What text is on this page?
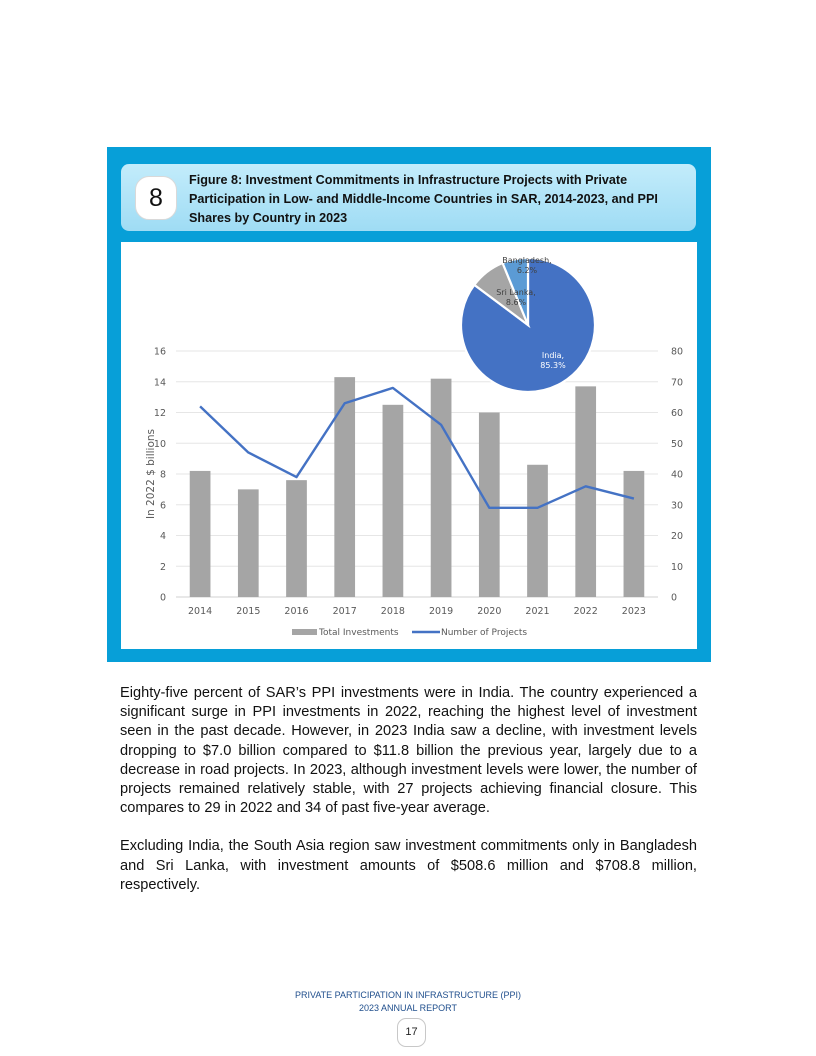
8
Figure 8: Investment Commitments in Infrastructure Projects with Private Participation in Low- and Middle-Income Countries in SAR, 2014-2023, and PPI Shares by Country in 2023
0
2
4
6
8
10
12
14
16
0
10
20
30
40
50
60
70
80
In 2022 $ billions
2014	2015	2016	2017	2018	2019	2020	2021	2022	2023
Total Investments	Number of Projects
India,
85.3%
Sri Lanka,
8.6%
Bangladesh,
6.2%

Eighty-five percent of SAR’s PPI investments were in India. The country experienced a significant surge in PPI investments in 2022, reaching the highest level of investment seen in the past decade. However, in 2023 India saw a decline, with investment levels dropping to $7.0 billion compared to $11.8 billion the previous year, largely due to a decrease in road projects. In 2023, although investment levels were lower, the number of projects remained relatively stable, with 27 projects achieving financial closure. This compares to 29 in 2022 and 34 of past five-year average.

Excluding India, the South Asia region saw investment commitments only in Bangladesh and Sri Lanka, with investment amounts of $508.6 million and $708.8 million, respectively.

PRIVATE PARTICIPATION IN INFRASTRUCTURE (PPI)
2023 ANNUAL REPORT
17
